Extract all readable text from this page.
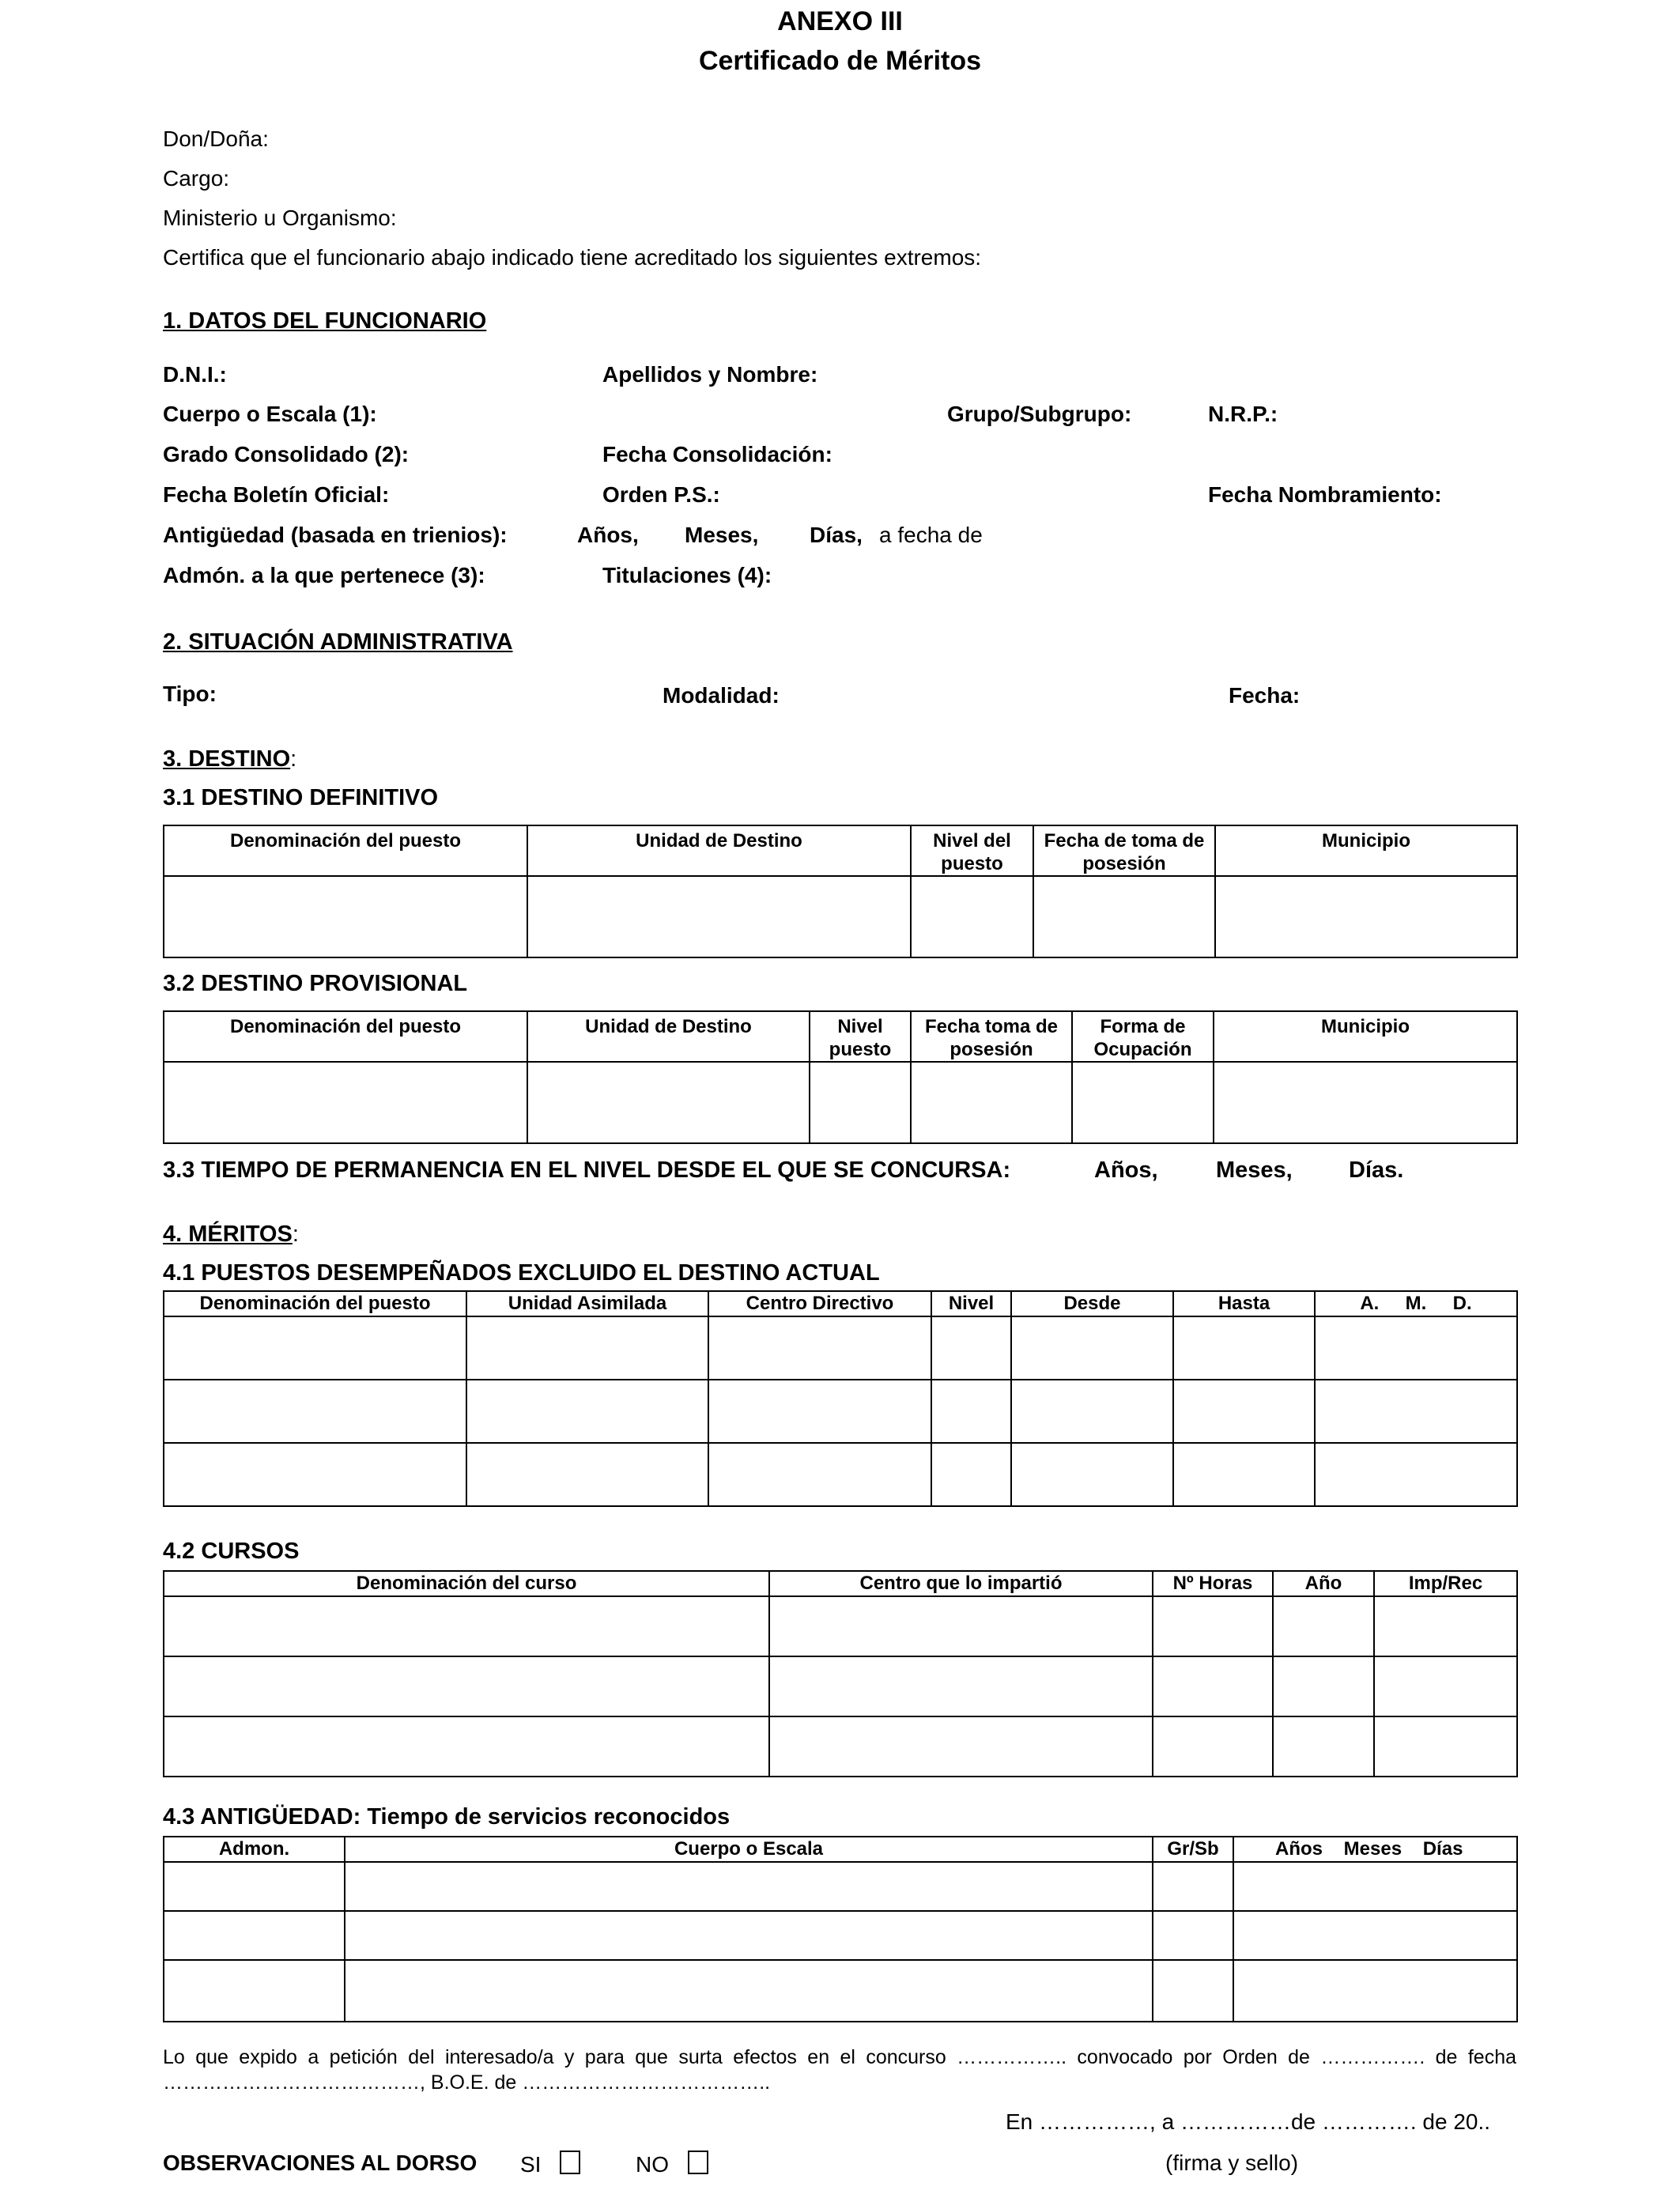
ANEXO III
Certificado de Méritos
Don/Doña:
Cargo:
Ministerio u Organismo:
Certifica que el funcionario abajo indicado tiene acreditado los siguientes extremos:
1. DATOS DEL FUNCIONARIO
D.N.I.:	Apellidos y Nombre:
Cuerpo o Escala (1):	Grupo/Subgrupo:	N.R.P.:
Grado Consolidado (2):	Fecha Consolidación:
Fecha Boletín Oficial:	Orden P.S.:	Fecha Nombramiento:
Antigüedad (basada en trienios):	Años, Meses, Días, a fecha de
Admón. a la que pertenece (3):	Titulaciones (4):
2. SITUACIÓN ADMINISTRATIVA
Tipo:	Modalidad:	Fecha:
3. DESTINO:
3.1 DESTINO DEFINITIVO
Denominación del puesto	Unidad de Destino	Nivel del puesto	Fecha de toma de posesión	Municipio

3.2 DESTINO PROVISIONAL
Denominación del puesto	Unidad de Destino	Nivel puesto	Fecha toma de posesión	Forma de Ocupación	Municipio

3.3 TIEMPO DE PERMANENCIA EN EL NIVEL DESDE EL QUE SE CONCURSA:	Años,	Meses, Días.
4. MÉRITOS:
4.1 PUESTOS DESEMPEÑADOS EXCLUIDO EL DESTINO ACTUAL
Denominación del puesto	Unidad Asimilada	Centro Directivo	Nivel	Desde	Hasta	A.     M.     D.

4.2 CURSOS
Denominación del curso	Centro que lo impartió	Nº Horas	Año	Imp/Rec

4.3 ANTIGÜEDAD: Tiempo de servicios reconocidos
Admon.	Cuerpo o Escala	Gr/Sb	Años    Meses    Días

Lo que expido a petición del interesado/a y para que surta efectos en el concurso …………….. convocado por Orden de ……………. de fecha …………………………………, B.O.E. de ………………………………..
En ……………, a ……………de …………. de 20..
OBSERVACIONES AL DORSO SI	NO	(firma y sello)
